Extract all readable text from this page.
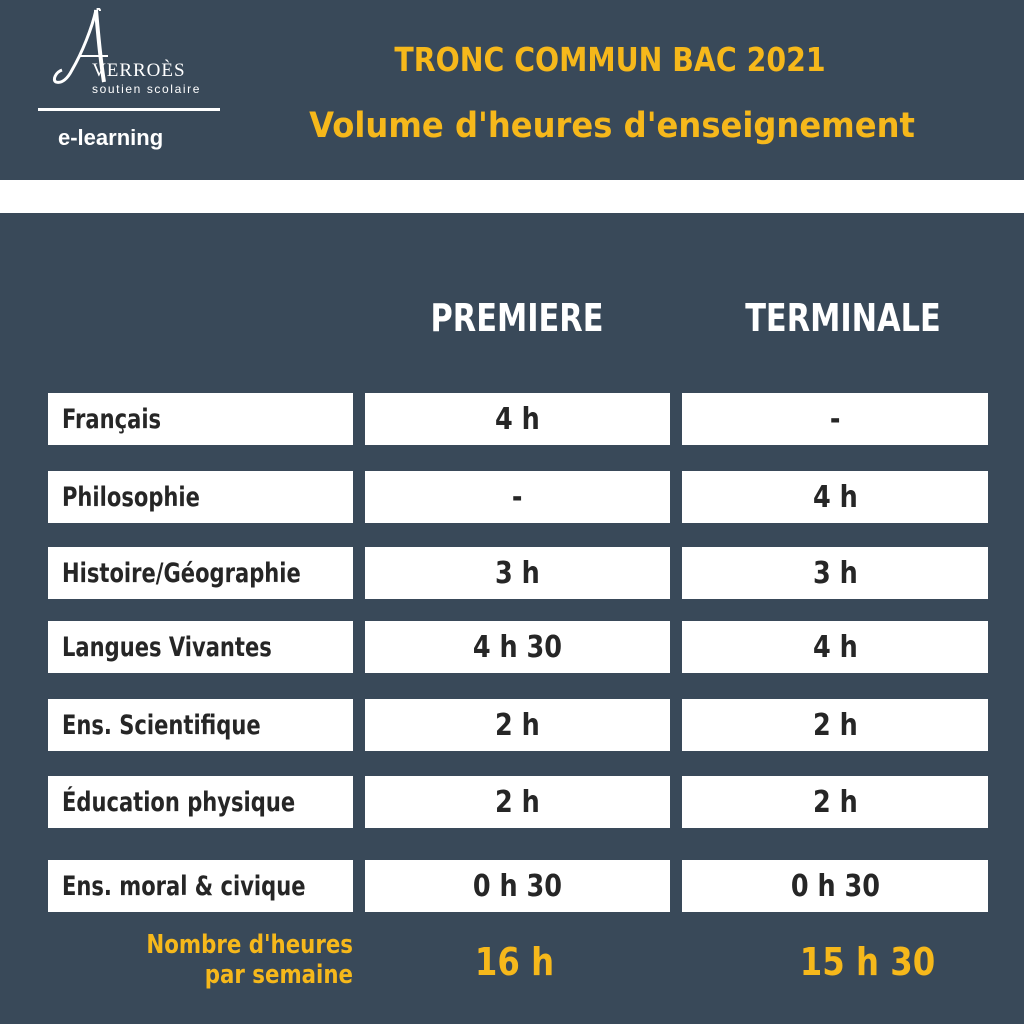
VERROÈS
soutien scolaire
e-learning
TRONC COMMUN BAC 2021
Volume d'heures d'enseignement
PREMIERE	TERMINALE
Français	4 h	-
Philosophie	-	4 h
Histoire/Géographie	3 h	3 h
Langues Vivantes	4 h 30	4 h
Ens. Scientifique	2 h	2 h
Éducation physique	2 h	2 h
Ens. moral & civique	0 h 30	0 h 30
Nombre d'heures
par semaine	16 h	15 h 30
